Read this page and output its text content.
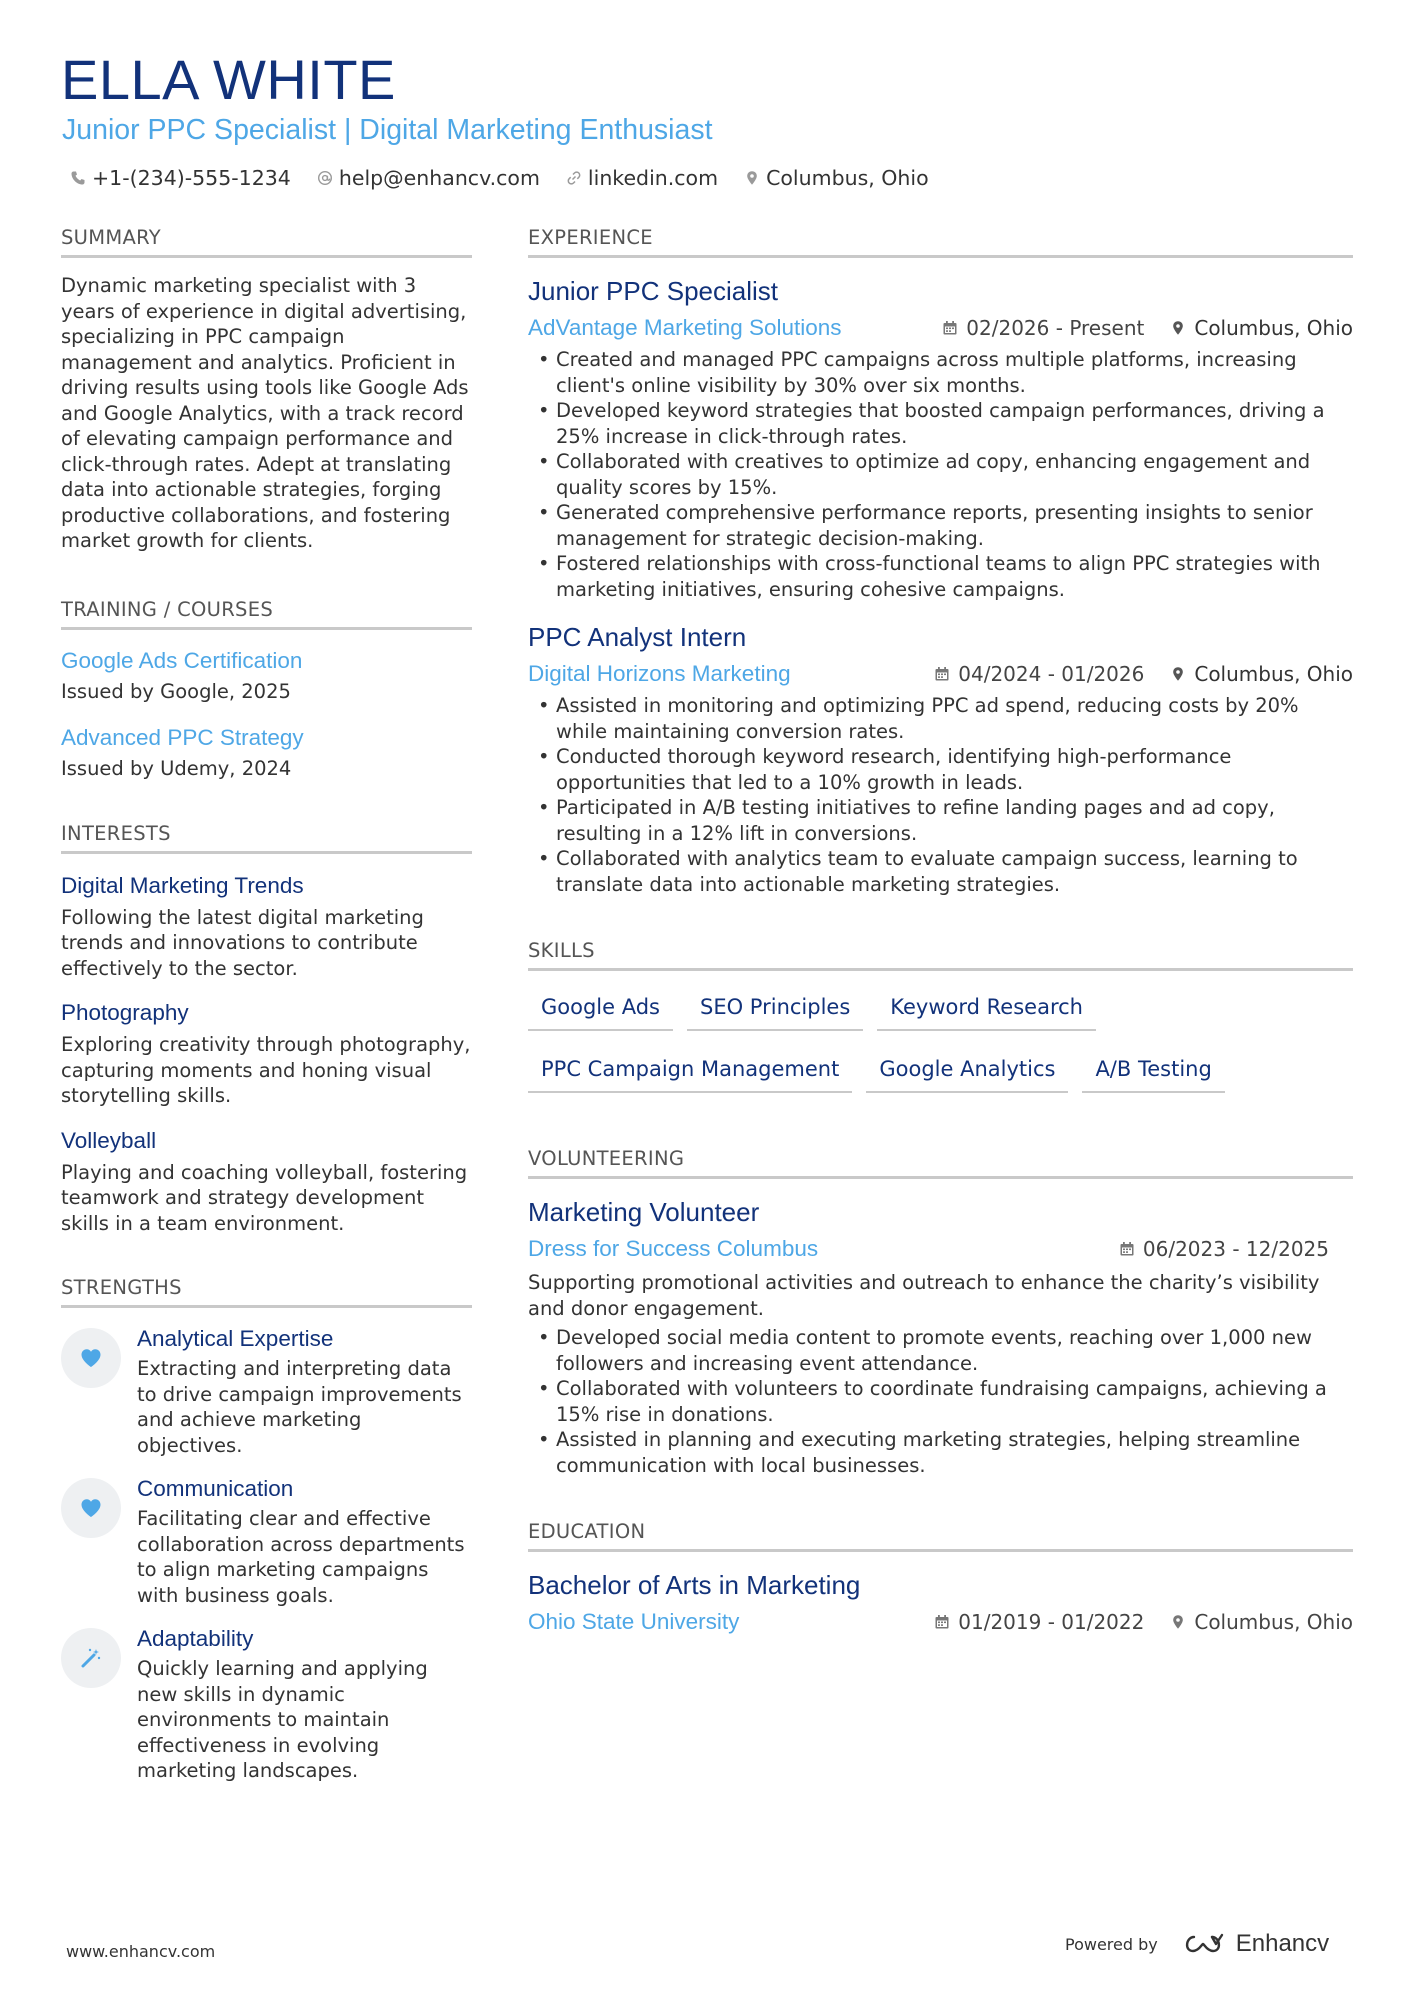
ELLA WHITE
Junior PPC Specialist | Digital Marketing Enthusiast
+1-(234)-555-1234 help@enhancv.com linkedin.com Columbus, Ohio
SUMMARY
Dynamic marketing specialist with 3 years of experience in digital advertising, specializing in PPC campaign management and analytics. Proficient in driving results using tools like Google Ads and Google Analytics, with a track record of elevating campaign performance and click-through rates. Adept at translating data into actionable strategies, forging productive collaborations, and fostering market growth for clients.
TRAINING / COURSES
Google Ads Certification
Issued by Google, 2025
Advanced PPC Strategy
Issued by Udemy, 2024
INTERESTS
Digital Marketing Trends
Following the latest digital marketing trends and innovations to contribute effectively to the sector.
Photography
Exploring creativity through photography, capturing moments and honing visual storytelling skills.
Volleyball
Playing and coaching volleyball, fostering teamwork and strategy development skills in a team environment.
STRENGTHS
Analytical Expertise
Extracting and interpreting data to drive campaign improvements and achieve marketing objectives.
Communication
Facilitating clear and effective collaboration across departments to align marketing campaigns with business goals.
Adaptability
Quickly learning and applying new skills in dynamic environments to maintain effectiveness in evolving marketing landscapes.
EXPERIENCE
Junior PPC Specialist
AdVantage Marketing Solutions	02/2026 - Present	Columbus, Ohio
• Created and managed PPC campaigns across multiple platforms, increasing client's online visibility by 30% over six months.
• Developed keyword strategies that boosted campaign performances, driving a 25% increase in click-through rates.
• Collaborated with creatives to optimize ad copy, enhancing engagement and quality scores by 15%.
• Generated comprehensive performance reports, presenting insights to senior management for strategic decision-making.
• Fostered relationships with cross-functional teams to align PPC strategies with marketing initiatives, ensuring cohesive campaigns.
PPC Analyst Intern
Digital Horizons Marketing	04/2024 - 01/2026	Columbus, Ohio
• Assisted in monitoring and optimizing PPC ad spend, reducing costs by 20% while maintaining conversion rates.
• Conducted thorough keyword research, identifying high-performance opportunities that led to a 10% growth in leads.
• Participated in A/B testing initiatives to refine landing pages and ad copy, resulting in a 12% lift in conversions.
• Collaborated with analytics team to evaluate campaign success, learning to translate data into actionable marketing strategies.
SKILLS
Google Ads	SEO Principles	Keyword Research
PPC Campaign Management	Google Analytics	A/B Testing
VOLUNTEERING
Marketing Volunteer
Dress for Success Columbus	06/2023 - 12/2025
Supporting promotional activities and outreach to enhance the charity’s visibility and donor engagement.
• Developed social media content to promote events, reaching over 1,000 new followers and increasing event attendance.
• Collaborated with volunteers to coordinate fundraising campaigns, achieving a 15% rise in donations.
• Assisted in planning and executing marketing strategies, helping streamline communication with local businesses.
EDUCATION
Bachelor of Arts in Marketing
Ohio State University	01/2019 - 01/2022	Columbus, Ohio
www.enhancv.com	Powered by	Enhancv
